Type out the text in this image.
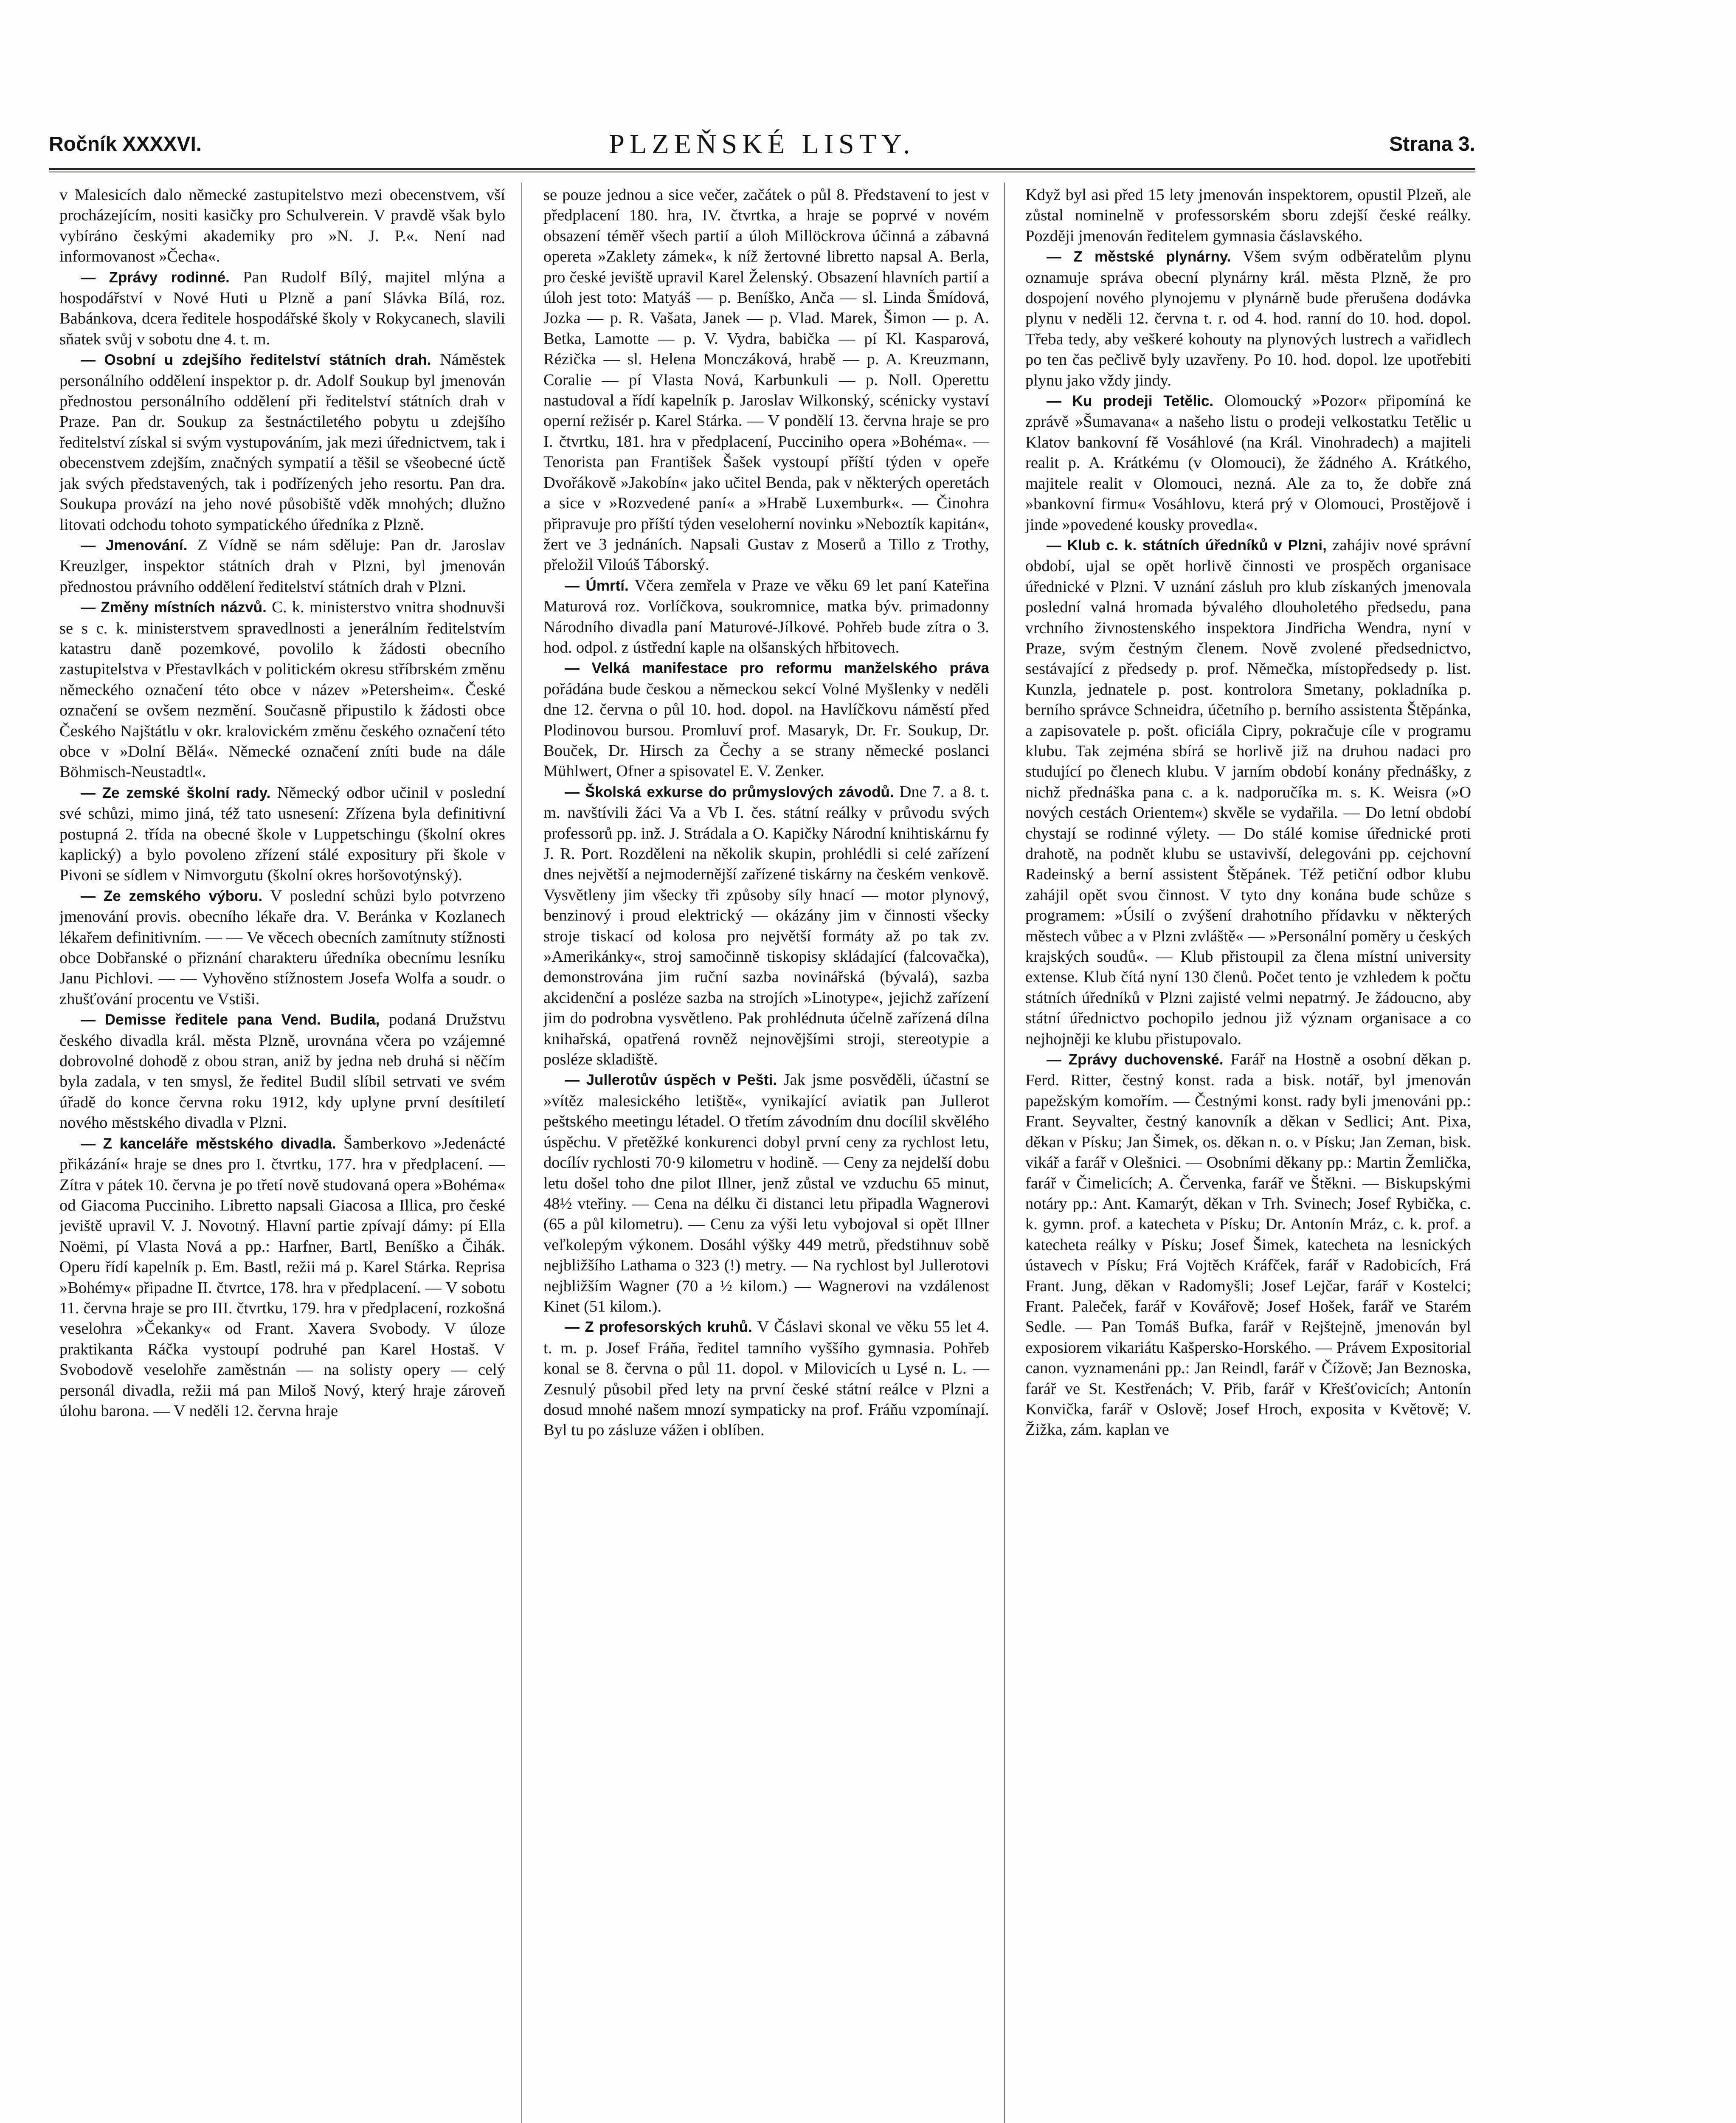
Ročník XXXXVI.	PLZEŇSKÉ LISTY.	Strana 3.

v Malesicích dalo německé zastupitelstvo mezi obecenstvem, vší procházejícím, nositi kasičky pro Schulverein. V pravdě však bylo vybíráno českými akademiky pro »N. J. P.«. Není nad informovanost »Čecha«.

— Zprávy rodinné. Pan Rudolf Bílý, majitel mlýna a hospodářství v Nové Huti u Plzně a paní Slávka Bílá, roz. Babánkova, dcera ředitele hospodářské školy v Rokycanech, slavili sňatek svůj v sobotu dne 4. t. m.

— Osobní u zdejšího ředitelství státních drah. Náměstek personálního oddělení inspektor p. dr. Adolf Soukup byl jmenován přednostou personálního oddělení při ředitelství státních drah v Praze. Pan dr. Soukup za šestnáctiletého pobytu u zdejšího ředitelství získal si svým vystupováním, jak mezi úřednictvem, tak i obecenstvem zdejším, značných sympatií a těšil se všeobecné úctě jak svých představených, tak i podřízených jeho resortu. Pan dra. Soukupa provází na jeho nové působiště vděk mnohých; dlužno litovati odchodu tohoto sympatického úředníka z Plzně.

— Jmenování. Z Vídně se nám sděluje: Pan dr. Jaroslav Kreuzlger, inspektor státních drah v Plzni, byl jmenován přednostou právního oddělení ředitelství státních drah v Plzni.

— Změny místních názvů. C. k. ministerstvo vnitra shodnuvši se s c. k. ministerstvem spravedlnosti a jenerálním ředitelstvím katastru daně pozemkové, povolilo k žádosti obecního zastupitelstva v Přestavlkách v politickém okresu stříbrském změnu německého označení této obce v název »Petersheim«. České označení se ovšem nezmění. Současně připustilo k žádosti obce Českého Najštátlu v okr. kralovickém změnu českého označení této obce v »Dolní Bělá«. Německé označení zníti bude na dále Böhmisch-Neustadtl«.

— Ze zemské školní rady. Německý odbor učinil v poslední své schůzi, mimo jiná, též tato usnesení: Zřízena byla definitivní postupná 2. třída na obecné škole v Luppetschingu (školní okres kaplický) a bylo povoleno zřízení stálé expositury při škole v Pivoni se sídlem v Nimvorgutu (školní okres horšovotýnský).

— Ze zemského výboru. V poslední schůzi bylo potvrzeno jmenování provis. obecního lékaře dra. V. Beránka v Kozlanech lékařem definitivním. — — Ve věcech obecních zamítnuty stížnosti obce Dobřanské o přiznání charakteru úředníka obecnímu lesníku Janu Pichlovi. — — Vyhověno stížnostem Josefa Wolfa a soudr. o zhušťování procentu ve Vstiši.

— Demisse ředitele pana Vend. Budila, podaná Družstvu českého divadla král. města Plzně, urovnána včera po vzájemné dobrovolné dohodě z obou stran, aniž by jedna neb druhá si něčím byla zadala, v ten smysl, že ředitel Budil slíbil setrvati ve svém úřadě do konce června roku 1912, kdy uplyne první desítiletí nového městského divadla v Plzni.

— Z kanceláře městského divadla. Šamberkovo »Jedenácté přikázání« hraje se dnes pro I. čtvrtku, 177. hra v předplacení. — Zítra v pátek 10. června je po třetí nově studovaná opera »Bohéma« od Giacoma Pucciniho. Libretto napsali Giacosa a Illica, pro české jeviště upravil V. J. Novotný. Hlavní partie zpívají dámy: pí Ella Noëmi, pí Vlasta Nová a pp.: Harfner, Bartl, Beníško a Čihák. Operu řídí kapelník p. Em. Bastl, režii má p. Karel Stárka. Reprisa »Bohémy« připadne II. čtvrtce, 178. hra v předplacení. — V sobotu 11. června hraje se pro III. čtvrtku, 179. hra v předplacení, rozkošná veselohra »Čekanky« od Frant. Xavera Svobody. V úloze praktikanta Ráčka vystoupí podruhé pan Karel Hostaš. V Svobodově veselohře zaměstnán — na solisty opery — celý personál divadla, režii má pan Miloš Nový, který hraje zároveň úlohu barona. — V neděli 12. června hraje

se pouze jednou a sice večer, začátek o půl 8. Představení to jest v předplacení 180. hra, IV. čtvrtka, a hraje se poprvé v novém obsazení téměř všech partií a úloh Millöckrova účinná a zábavná opereta »Zaklety zámek«, k níž žertovné libretto napsal A. Berla, pro české jeviště upravil Karel Želenský. Obsazení hlavních partií a úloh jest toto: Matyáš — p. Beníško, Anča — sl. Linda Šmídová, Jozka — p. R. Vašata, Janek — p. Vlad. Marek, Šimon — p. A. Betka, Lamotte — p. V. Vydra, babička — pí Kl. Kasparová, Rézička — sl. Helena Monczáková, hrabě — p. A. Kreuzmann, Coralie — pí Vlasta Nová, Karbunkuli — p. Noll. Operettu nastudoval a řídí kapelník p. Jaroslav Wilkonský, scénicky vystaví operní režisér p. Karel Stárka. — V pondělí 13. června hraje se pro I. čtvrtku, 181. hra v předplacení, Pucciniho opera »Bohéma«. — Tenorista pan František Šašek vystoupí příští týden v opeře Dvořákově »Jakobín« jako učitel Benda, pak v některých operetách a sice v »Rozvedené paní« a »Hrabě Luxemburk«. — Činohra připravuje pro příští týden veseloherní novinku »Neboztík kapitán«, žert ve 3 jednáních. Napsali Gustav z Moserů a Tillo z Trothy, přeložil Viloúš Táborský.

— Úmrtí. Včera zemřela v Praze ve věku 69 let paní Kateřina Maturová roz. Vorlíčkova, soukromnice, matka býv. primadonny Národního divadla paní Maturové-Jílkové. Pohřeb bude zítra o 3. hod. odpol. z ústřední kaple na olšanských hřbitovech.

— Velká manifestace pro reformu manželského práva pořádána bude českou a německou sekcí Volné Myšlenky v neděli dne 12. června o půl 10. hod. dopol. na Havlíčkovu náměstí před Plodinovou bursou. Promluví prof. Masaryk, Dr. Fr. Soukup, Dr. Bouček, Dr. Hirsch za Čechy a se strany německé poslanci Mühlwert, Ofner a spisovatel E. V. Zenker.

— Školská exkurse do průmyslových závodů. Dne 7. a 8. t. m. navštívili žáci Va a Vb I. čes. státní reálky v průvodu svých professorů pp. inž. J. Strádala a O. Kapičky Národní knihtiskárnu fy J. R. Port. Rozděleni na několik skupin, prohlédli si celé zařízení dnes největší a nejmodernější zařízené tiskárny na českém venkově. Vysvětleny jim všecky tři způsoby síly hnací — motor plynový, benzinový i proud elektrický — okázány jim v činnosti všecky stroje tiskací od kolosa pro největší formáty až po tak zv. »Amerikánky«, stroj samočinně tiskopisy skládající (falcovačka), demonstrována jim ruční sazba novinářská (bývalá), sazba akcidenční a posléze sazba na strojích »Linotype«, jejichž zařízení jim do podrobna vysvětleno. Pak prohlédnuta účelně zařízená dílna knihařská, opatřená rovněž nejnovějšími stroji, stereotypie a posléze skladiště.

— Jullerotův úspěch v Pešti. Jak jsme posvěděli, účastní se »vítěz malesického letiště«, vynikající aviatik pan Jullerot peštského meetingu létadel. O třetím závodním dnu docílil skvělého úspěchu. V přetěžké konkurenci dobyl první ceny za rychlost letu, docílív rychlosti 70·9 kilometru v hodině. — Ceny za nejdelší dobu letu došel toho dne pilot Illner, jenž zůstal ve vzduchu 65 minut, 48½ vteřiny. — Cena na délku či distanci letu připadla Wagnerovi (65 a půl kilometru). — Cenu za výši letu vybojoval si opět Illner veľkolepým výkonem. Dosáhl výšky 449 metrů, předstihnuv sobě nejbližšího Lathama o 323 (!) metry. — Na rychlost byl Jullerotovi nejbližším Wagner (70 a ½ kilom.) — Wagnerovi na vzdálenost Kinet (51 kilom.).

— Z profesorských kruhů. V Čáslavi skonal ve věku 55 let 4. t. m. p. Josef Fráňa, ředitel tamního vyššího gymnasia. Pohřeb konal se 8. června o půl 11. dopol. v Milovicích u Lysé n. L. — Zesnulý působil před lety na první české státní reálce v Plzni a dosud mnohé našem mnozí sympaticky na prof. Fráňu vzpomínají. Byl tu po zásluze vážen i oblíben.

Když byl asi před 15 lety jmenován inspektorem, opustil Plzeň, ale zůstal nominelně v professorském sboru zdejší české reálky. Později jmenován ředitelem gymnasia čáslavského.

— Z městské plynárny. Všem svým odběratelům plynu oznamuje správa obecní plynárny král. města Plzně, že pro dospojení nového plynojemu v plynárně bude přerušena dodávka plynu v neděli 12. června t. r. od 4. hod. ranní do 10. hod. dopol. Třeba tedy, aby veškeré kohouty na plynových lustrech a vařidlech po ten čas pečlivě byly uzavřeny. Po 10. hod. dopol. lze upotřebiti plynu jako vždy jindy.

— Ku prodeji Tetělic. Olomoucký »Pozor« připomíná ke zprávě »Šumavana« a našeho listu o prodeji velkostatku Tetělic u Klatov bankovní fě Vosáhlové (na Král. Vinohradech) a majiteli realit p. A. Krátkému (v Olomouci), že žádného A. Krátkého, majitele realit v Olomouci, nezná. Ale za to, že dobře zná »bankovní firmu« Vosáhlovu, která prý v Olomouci, Prostějově i jinde »povedené kousky provedla«.

— Klub c. k. státních úředníků v Plzni, zahájiv nové správní období, ujal se opět horlivě činnosti ve prospěch organisace úřednické v Plzni. V uznání zásluh pro klub získaných jmenovala poslední valná hromada bývalého dlouholetého předsedu, pana vrchního živnostenského inspektora Jindřicha Wendra, nyní v Praze, svým čestným členem. Nově zvolené předsednictvo, sestávající z předsedy p. prof. Němečka, místopředsedy p. list. Kunzla, jednatele p. post. kontrolora Smetany, pokladníka p. berního správce Schneidra, účetního p. berního assistenta Štěpánka, a zapisovatele p. pošt. oficiála Cipry, pokračuje cíle v programu klubu. Tak zejména sbírá se horlivě již na druhou nadaci pro studující po členech klubu. V jarním období konány přednášky, z nichž přednáška pana c. a k. nadporučíka m. s. K. Weisra (»O nových cestách Orientem«) skvěle se vydařila. — Do letní období chystají se rodinné výlety. — Do stálé komise úřednické proti drahotě, na podnět klubu se ustavivší, delegováni pp. cejchovní Radeinský a berní assistent Štěpánek. Též petiční odbor klubu zahájil opět svou činnost. V tyto dny konána bude schůze s programem: »Úsilí o zvýšení drahotního přídavku v některých městech vůbec a v Plzni zvláště« — »Personální poměry u českých krajských soudů«. — Klub přistoupil za člena místní university extense. Klub čítá nyní 130 členů. Počet tento je vzhledem k počtu státních úředníků v Plzni zajisté velmi nepatrný. Je žádoucno, aby státní úřednictvo pochopilo jednou již význam organisace a co nejhojněji ke klubu přistupovalo.

— Zprávy duchovenské. Farář na Hostně a osobní děkan p. Ferd. Ritter, čestný konst. rada a bisk. notář, byl jmenován papežským komořím. — Čestnými konst. rady byli jmenováni pp.: Frant. Seyvalter, čestný kanovník a děkan v Sedlici; Ant. Pixa, děkan v Písku; Jan Šimek, os. děkan n. o. v Písku; Jan Zeman, bisk. vikář a farář v Olešnici. — Osobními děkany pp.: Martin Žemlička, farář v Čimelicích; A. Červenka, farář ve Štěkni. — Biskupskými notáry pp.: Ant. Kamarýt, děkan v Trh. Svinech; Josef Rybička, c. k. gymn. prof. a katecheta v Písku; Dr. Antonín Mráz, c. k. prof. a katecheta reálky v Písku; Josef Šimek, katecheta na lesnických ústavech v Písku; Frá Vojtěch Kráfček, farář v Radobicích, Frá Frant. Jung, děkan v Radomyšli; Josef Lejčar, farář v Kostelci; Frant. Paleček, farář v Kovářově; Josef Hošek, farář ve Starém Sedle. — Pan Tomáš Bufka, farář v Rejštejně, jmenován byl exposiorem vikariátu Kašpersko-Horského. — Právem Expositorial canon. vyznamenáni pp.: Jan Reindl, farář v Čížově; Jan Beznoska, farář ve St. Kestřenách; V. Přib, farář v Křešťovicích; Antonín Konvička, farář v Oslově; Josef Hroch, exposita v Květově; V. Žižka, zám. kaplan ve
